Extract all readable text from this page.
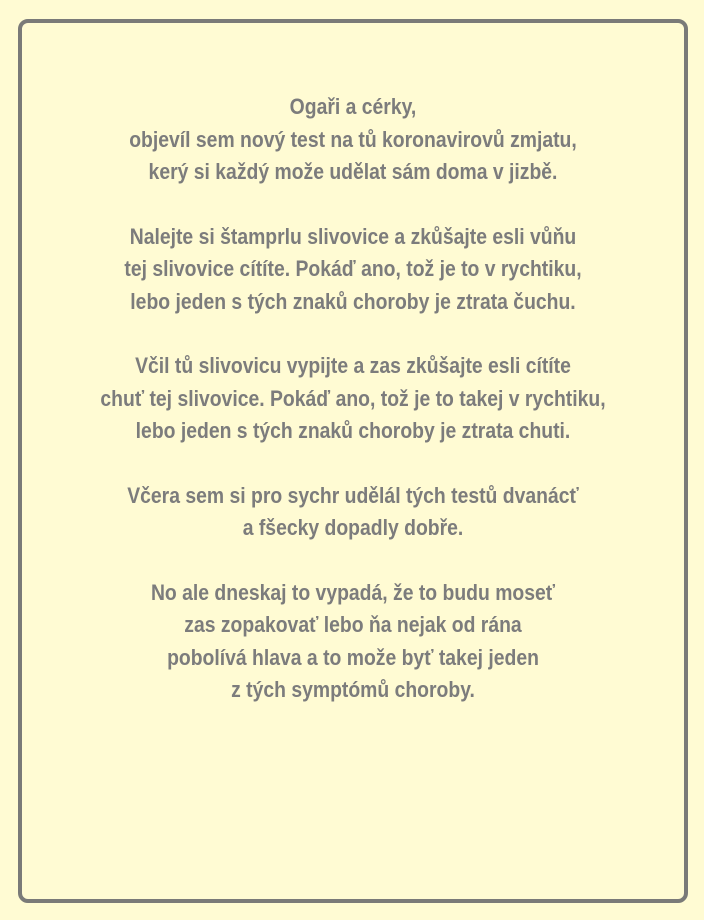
Ogaři a cérky,
objevíl sem nový test na tů koronavirovů zmjatu,
kerý si každý može udělat sám doma v jizbě.

Nalejte si štamprlu slivovice a zkůšajte esli vůňu
tej slivovice cítíte. Pokáď ano, tož je to v rychtiku,
lebo jeden s tých znaků choroby je ztrata čuchu.

Včil tů slivovicu vypijte a zas zkůšajte esli cítíte
chuť tej slivovice. Pokáď ano, tož je to takej v rychtiku,
lebo jeden s tých znaků choroby je ztrata chuti.

Včera sem si pro sychr udělál tých testů dvanácť
a fšecky dopadly dobře.

No ale dneskaj to vypadá, že to budu moseť
zas zopakovať lebo ňa nejak od rána
pobolívá hlava a to može byť takej jeden
z tých symptómů choroby.
